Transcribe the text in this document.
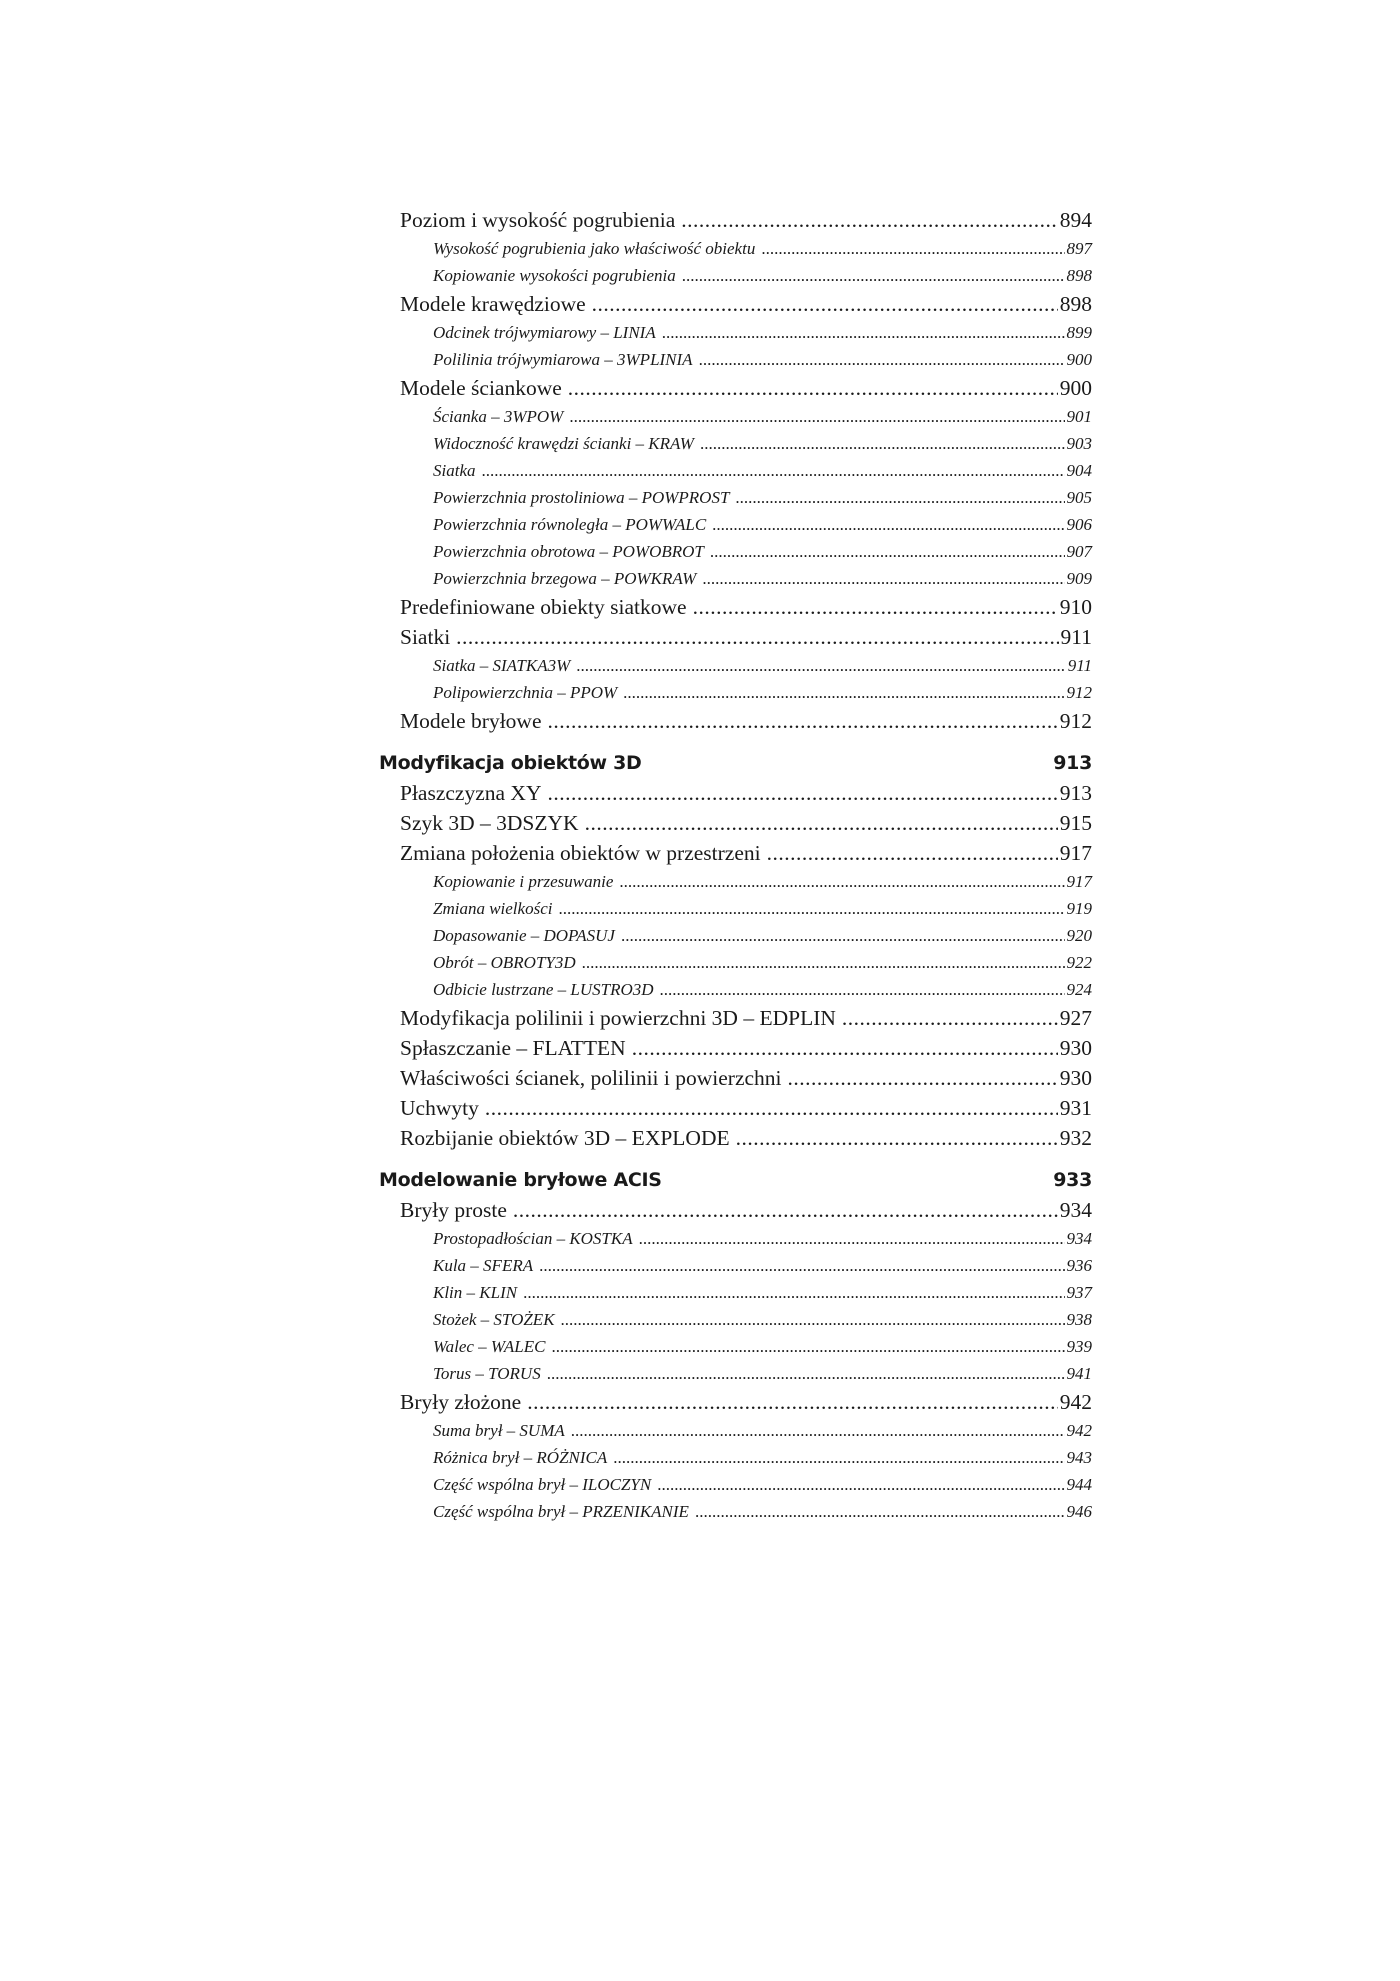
Poziom i wysokość pogrubienia .....	894
Wysokość pogrubienia jako właściwość obiektu .....	897
Kopiowanie wysokości pogrubienia .....	898
Modele krawędziowe .....	898
Odcinek trójwymiarowy – LINIA .....	899
Polilinia trójwymiarowa – 3WPLINIA .....	900
Modele ściankowe .....	900
Ścianka – 3WPOW .....	901
Widoczność krawędzi ścianki – KRAW .....	903
Siatka .....	904
Powierzchnia prostoliniowa – POWPROST .....	905
Powierzchnia równoległa – POWWALC .....	906
Powierzchnia obrotowa – POWOBROT .....	907
Powierzchnia brzegowa – POWKRAW .....	909
Predefiniowane obiekty siatkowe .....	910
Siatki .....	911
Siatka – SIATKA3W .....	911
Polipowierzchnia – PPOW .....	912
Modele bryłowe .....	912
Modyfikacja obiektów 3D	913
Płaszczyzna XY .....	913
Szyk 3D – 3DSZYK .....	915
Zmiana położenia obiektów w przestrzeni .....	917
Kopiowanie i przesuwanie .....	917
Zmiana wielkości .....	919
Dopasowanie – DOPASUJ .....	920
Obrót – OBROTY3D .....	922
Odbicie lustrzane – LUSTRO3D .....	924
Modyfikacja polilinii i powierzchni 3D – EDPLIN .....	927
Spłaszczanie – FLATTEN .....	930
Właściwości ścianek, polilinii i powierzchni .....	930
Uchwyty .....	931
Rozbijanie obiektów 3D – EXPLODE .....	932
Modelowanie bryłowe ACIS	933
Bryły proste .....	934
Prostopadłościan – KOSTKA .....	934
Kula – SFERA .....	936
Klin – KLIN .....	937
Stożek – STOŻEK .....	938
Walec – WALEC .....	939
Torus – TORUS .....	941
Bryły złożone .....	942
Suma brył – SUMA .....	942
Różnica brył – RÓŻNICA .....	943
Część wspólna brył – ILOCZYN .....	944
Część wspólna brył – PRZENIKANIE .....	946
